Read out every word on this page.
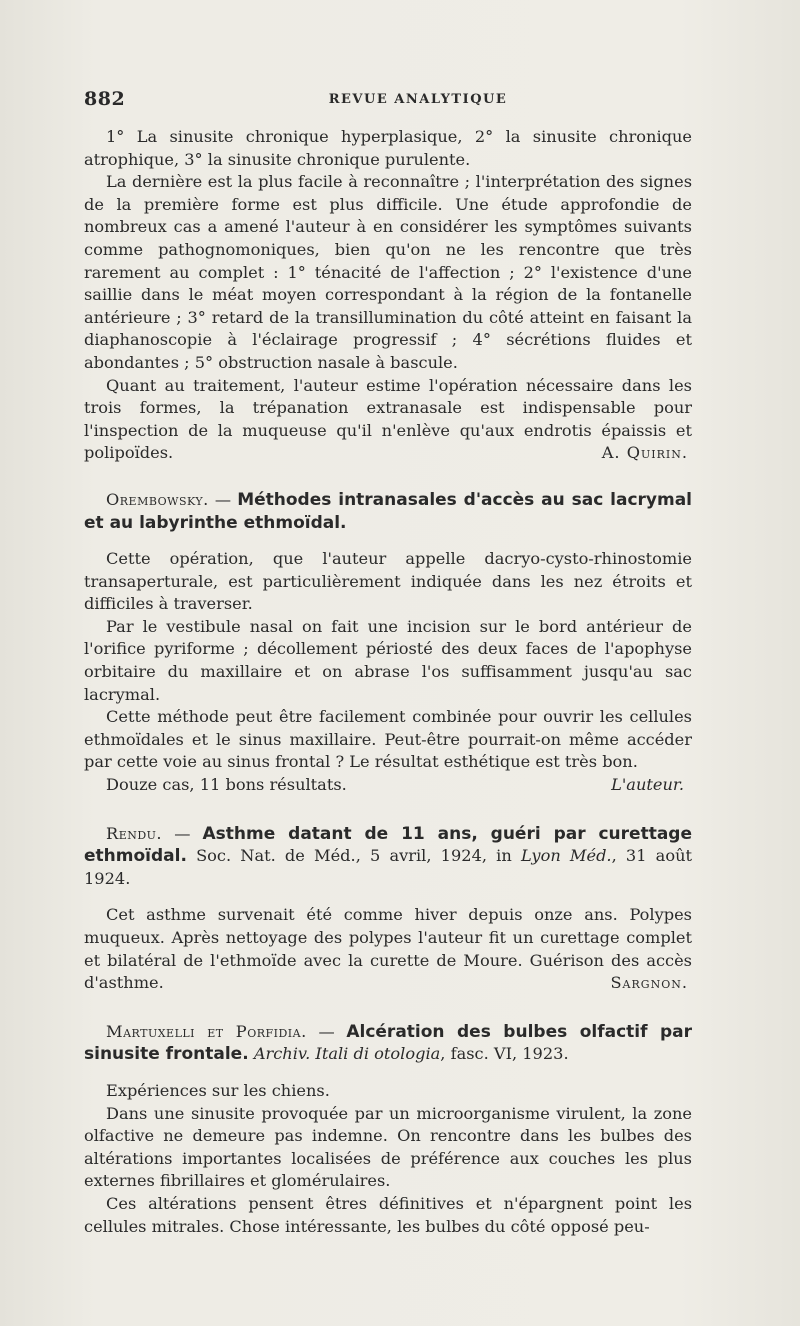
882	REVUE ANALYTIQUE

1° La sinusite chronique hyperplasique, 2° la sinusite chronique atrophique, 3° la sinusite chronique purulente.

La dernière est la plus facile à reconnaître ; l'interprétation des signes de la première forme est plus difficile. Une étude approfondie de nombreux cas a amené l'auteur à en considérer les symptômes suivants comme pathognomoniques, bien qu'on ne les rencontre que très rarement au complet : 1° ténacité de l'affection ; 2° l'existence d'une saillie dans le méat moyen correspondant à la région de la fontanelle antérieure ; 3° retard de la transillumination du côté atteint en faisant la diaphanoscopie à l'éclairage progressif ; 4° sécrétions fluides et abondantes ; 5° obstruction nasale à bascule.

Quant au traitement, l'auteur estime l'opération nécessaire dans les trois formes, la trépanation extranasale est indispensable pour l'inspection de la muqueuse qu'il n'enlève qu'aux endrotis épaissis et polipoïdes.	A. Quirin.

Orembowsky. — Méthodes intranasales d'accès au sac lacrymal et au labyrinthe ethmoïdal.

Cette opération, que l'auteur appelle dacryo-cysto-rhinostomie transaperturale, est particulièrement indiquée dans les nez étroits et difficiles à traverser.

Par le vestibule nasal on fait une incision sur le bord antérieur de l'orifice pyriforme ; décollement périosté des deux faces de l'apophyse orbitaire du maxillaire et on abrase l'os suffisamment jusqu'au sac lacrymal.

Cette méthode peut être facilement combinée pour ouvrir les cellules ethmoïdales et le sinus maxillaire. Peut-être pourrait-on même accéder par cette voie au sinus frontal ? Le résultat esthétique est très bon.

Douze cas, 11 bons résultats.	L'auteur.

Rendu. — Asthme datant de 11 ans, guéri par curettage ethmoïdal. Soc. Nat. de Méd., 5 avril, 1924, in Lyon Méd., 31 août 1924.

Cet asthme survenait été comme hiver depuis onze ans. Polypes muqueux. Après nettoyage des polypes l'auteur fit un curettage complet et bilatéral de l'ethmoïde avec la curette de Moure. Guérison des accès d'asthme.	Sargnon.

Martuxelli et Porfidia. — Alcération des bulbes olfactif par sinusite frontale. Archiv. Itali di otologia, fasc. VI, 1923.

Expériences sur les chiens.

Dans une sinusite provoquée par un microorganisme virulent, la zone olfactive ne demeure pas indemne. On rencontre dans les bulbes des altérations importantes localisées de préférence aux couches les plus externes fibrillaires et glomérulaires.

Ces altérations pensent êtres définitives et n'épargnent point les cellules mitrales. Chose intéressante, les bulbes du côté opposé peu-
